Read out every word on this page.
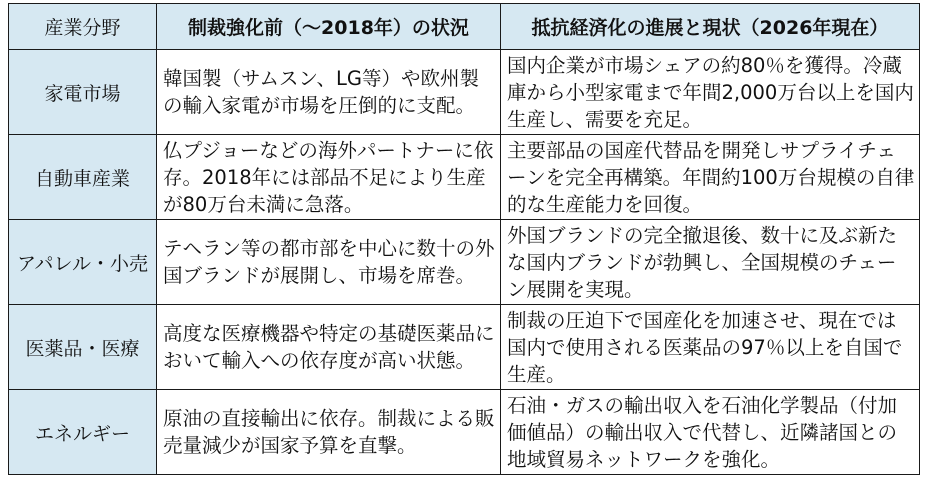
産業分野	制裁強化前（～2018年）の状況	抵抗経済化の進展と現状（2026年現在）
家電市場	韓国製（サムスン、LG等）や欧州製の輸入家電が市場を圧倒的に支配。	国内企業が市場シェアの約80％を獲得。冷蔵庫から小型家電まで年間2,000万台以上を国内生産し、需要を充足。
自動車産業	仏プジョーなどの海外パートナーに依存。2018年には部品不足により生産が80万台未満に急落。	主要部品の国産代替品を開発しサプライチェーンを完全再構築。年間約100万台規模の自律的な生産能力を回復。
アパレル・小売	テヘラン等の都市部を中心に数十の外国ブランドが展開し、市場を席巻。	外国ブランドの完全撤退後、数十に及ぶ新たな国内ブランドが勃興し、全国規模のチェーン展開を実現。
医薬品・医療	高度な医療機器や特定の基礎医薬品において輸入への依存度が高い状態。	制裁の圧迫下で国産化を加速させ、現在では国内で使用される医薬品の97％以上を自国で生産。
エネルギー	原油の直接輸出に依存。制裁による販売量減少が国家予算を直撃。	石油・ガスの輸出収入を石油化学製品（付加価値品）の輸出収入で代替し、近隣諸国との地域貿易ネットワークを強化。
